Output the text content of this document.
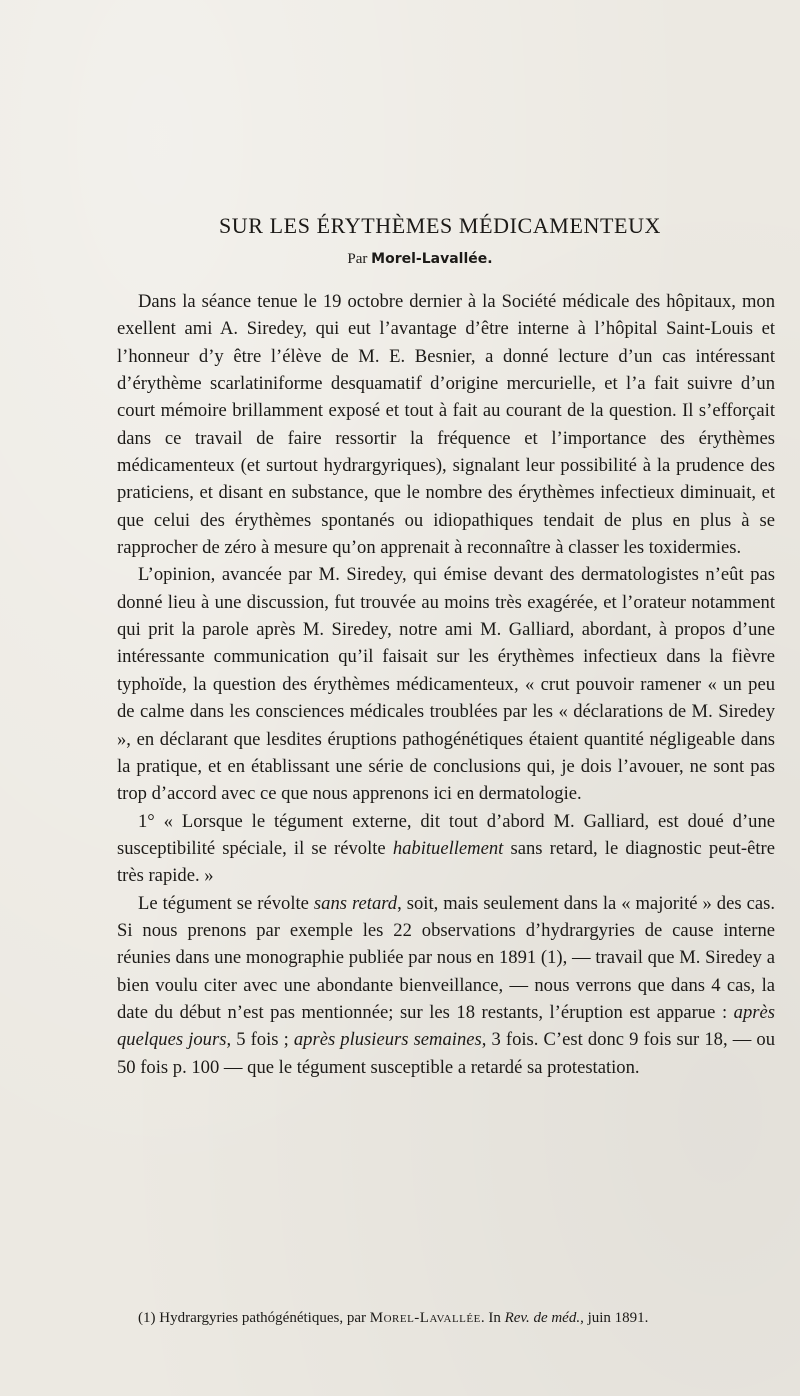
SUR LES ÉRYTHÈMES MÉDICAMENTEUX
Par Morel-Lavallée.

Dans la séance tenue le 19 octobre dernier à la Société médicale des hôpitaux, mon exellent ami A. Siredey, qui eut l’avantage d’être interne à l’hôpital Saint-Louis et l’honneur d’y être l’élève de M. E. Besnier, a donné lecture d’un cas intéressant d’érythème scarlatiniforme desquamatif d’origine mercurielle, et l’a fait suivre d’un court mémoire brillamment exposé et tout à fait au courant de la question. Il s’efforçait dans ce travail de faire ressortir la fréquence et l’importance des érythèmes médicamenteux (et surtout hydrargyriques), signalant leur possibilité à la prudence des praticiens, et disant en substance, que le nombre des érythèmes infectieux diminuait, et que celui des érythèmes spontanés ou idiopathiques tendait de plus en plus à se rapprocher de zéro à mesure qu’on apprenait à reconnaître à classer les toxidermies.

L’opinion, avancée par M. Siredey, qui émise devant des dermatologistes n’eût pas donné lieu à une discussion, fut trouvée au moins très exagérée, et l’orateur notamment qui prit la parole après M. Siredey, notre ami M. Galliard, abordant, à propos d’une intéressante communication qu’il faisait sur les érythèmes infectieux dans la fièvre typhoïde, la question des érythèmes médicamenteux, « crut pouvoir ramener « un peu de calme dans les consciences médicales troublées par les « déclarations de M. Siredey », en déclarant que lesdites éruptions pathogénétiques étaient quantité négligeable dans la pratique, et en établissant une série de conclusions qui, je dois l’avouer, ne sont pas trop d’accord avec ce que nous apprenons ici en dermatologie.

1° « Lorsque le tégument externe, dit tout d’abord M. Galliard, est doué d’une susceptibilité spéciale, il se révolte habituellement sans retard, le diagnostic peut-être très rapide. »

Le tégument se révolte sans retard, soit, mais seulement dans la « majorité » des cas. Si nous prenons par exemple les 22 observations d’hydrargyries de cause interne réunies dans une monographie publiée par nous en 1891 (1), — travail que M. Siredey a bien voulu citer avec une abondante bienveillance, — nous verrons que dans 4 cas, la date du début n’est pas mentionnée; sur les 18 restants, l’éruption est apparue : après quelques jours, 5 fois ; après plusieurs semaines, 3 fois. C’est donc 9 fois sur 18, — ou 50 fois p. 100 — que le tégument susceptible a retardé sa protestation.

(1) Hydrargyries pathógénétiques, par Morel-Lavallée. In Rev. de méd., juin 1891.
